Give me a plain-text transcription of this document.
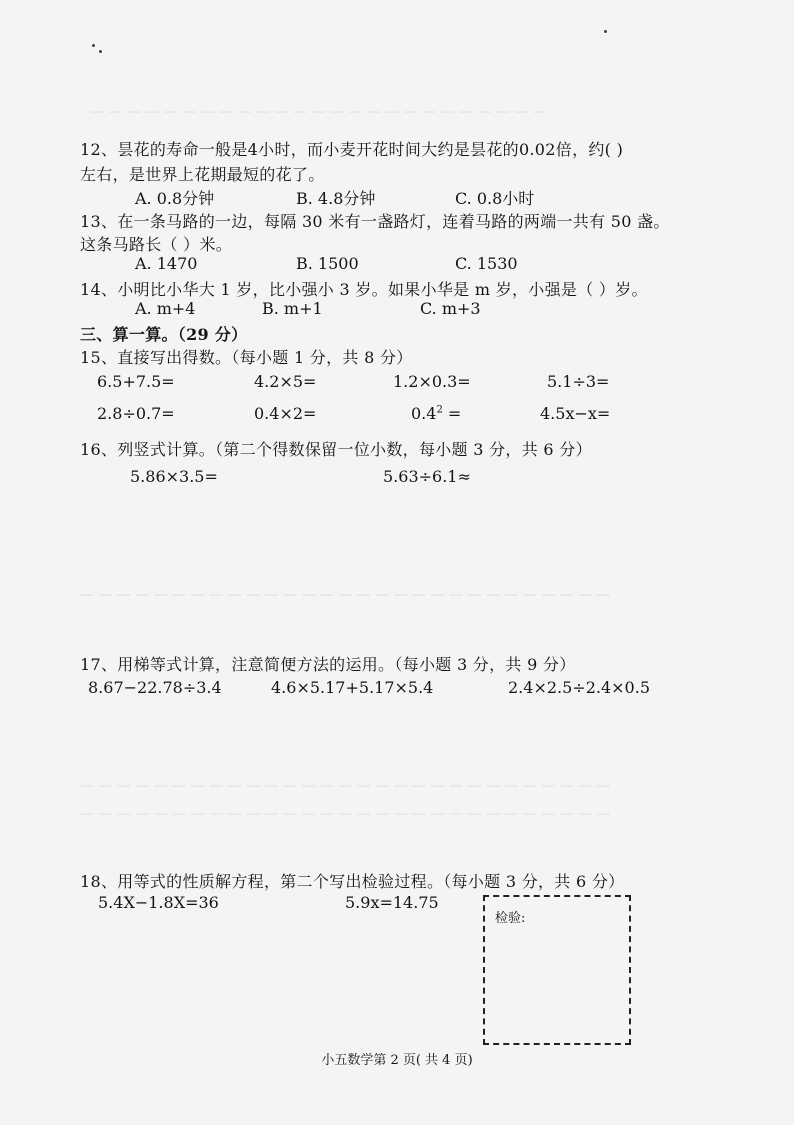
— — — — — — — — — — — — — — — — — — — — — — — — —
— — — — — — — — — — — — — — — — — — — — — — — — — — — — —
— — — — — — — — — — — — — — — — — — — — — — — — — — — — —
— — — — — — — — — — — — — — — — — — — — — — — — — — — — —
12、昙花的寿命一般是4小时，而小麦开花时间大约是昙花的0.02倍，约( )
左右，是世界上花期最短的花了。
A. 0.8分钟	B. 4.8分钟	C. 0.8小时
13、在一条马路的一边，每隔 30 米有一盏路灯，连着马路的两端一共有 50 盏。
这条马路长（ ）米。
A. 1470	B. 1500	C. 1530
14、小明比小华大 1 岁，比小强小 3 岁。如果小华是 m 岁，小强是（ ）岁。
A. m+4	B. m+1	C. m+3
三、算一算。（29 分）
15、直接写出得数。（每小题 1 分，共 8 分）
6.5+7.5=	4.2×5=	1.2×0.3=	5.1÷3=
2.8÷0.7=	0.4×2=	$0.4^2$ =	4.5x−x=
16、列竖式计算。（第二个得数保留一位小数，每小题 3 分，共 6 分）
5.86×3.5=	5.63÷6.1≈
17、用梯等式计算，注意简便方法的运用。（每小题 3 分，共 9 分）
8.67−22.78÷3.4	4.6×5.17+5.17×5.4	2.4×2.5÷2.4×0.5
18、用等式的性质解方程，第二个写出检验过程。（每小题 3 分，共 6 分）
5.4X−1.8X=36	5.9x=14.75
检验:
小五数学第 2 页( 共 4 页)
